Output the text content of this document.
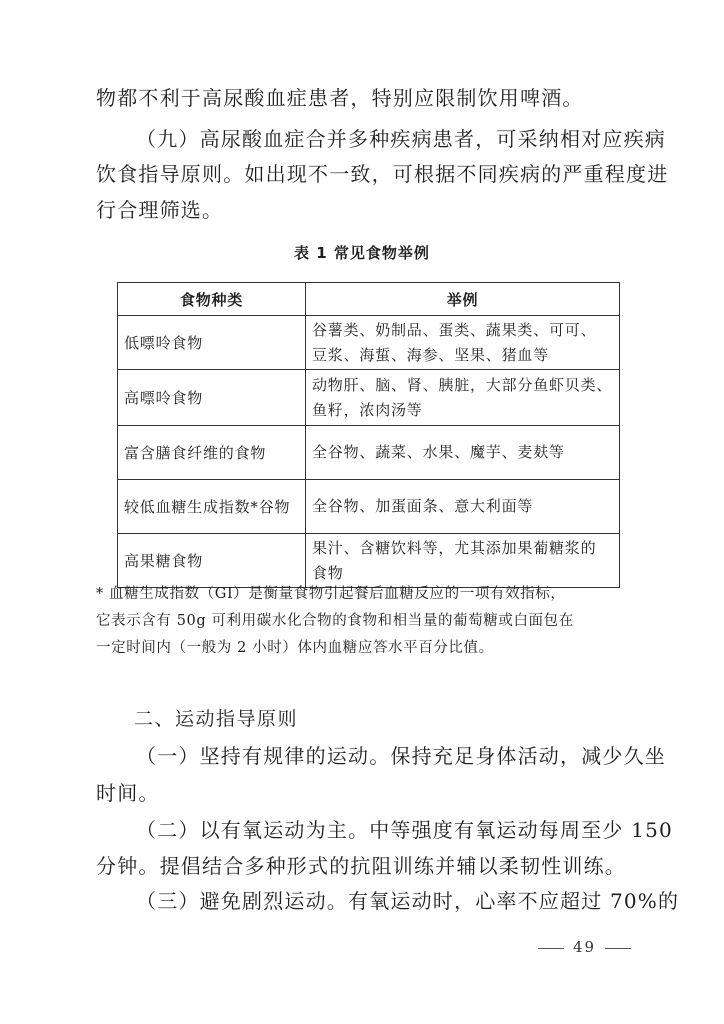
物都不利于高尿酸血症患者，特别应限制饮用啤酒。
（九）高尿酸血症合并多种疾病患者，可采纳相对应疾病
饮食指导原则。如出现不一致，可根据不同疾病的严重程度进
行合理筛选。
表 1 常见食物举例
食物种类	举例
低嘌呤食物	谷薯类、奶制品、蛋类、蔬果类、可可、
豆浆、海蜇、海参、坚果、猪血等

高嘌呤食物	动物肝、脑、肾、胰脏，大部分鱼虾贝类、
鱼籽，浓肉汤等

富含膳食纤维的食物	全谷物、蔬菜、水果、魔芋、麦麸等

较低血糖生成指数*谷物	全谷物、加蛋面条、意大利面等

高果糖食物	果汁、含糖饮料等，尤其添加果葡糖浆的
食物
* 血糖生成指数（GI）是衡量食物引起餐后血糖反应的一项有效指标，
它表示含有 50g 可利用碳水化合物的食物和相当量的葡萄糖或白面包在
一定时间内（一般为 2 小时）体内血糖应答水平百分比值。
二、运动指导原则
（一）坚持有规律的运动。保持充足身体活动，减少久坐
时间。
（二）以有氧运动为主。中等强度有氧运动每周至少 150
分钟。提倡结合多种形式的抗阻训练并辅以柔韧性训练。
（三）避免剧烈运动。有氧运动时，心率不应超过 70%的
49
